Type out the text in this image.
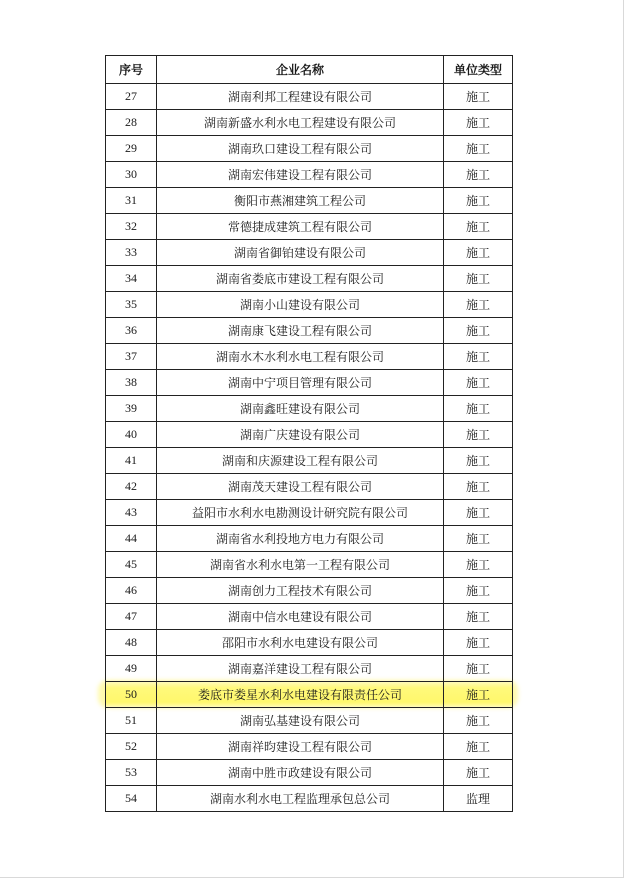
序号	企业名称	单位类型
27	湖南利邦工程建设有限公司	施工
28	湖南新盛水利水电工程建设有限公司	施工
29	湖南玖口建设工程有限公司	施工
30	湖南宏伟建设工程有限公司	施工
31	衡阳市燕湘建筑工程公司	施工
32	常德捷成建筑工程有限公司	施工
33	湖南省御铂建设有限公司	施工
34	湖南省娄底市建设工程有限公司	施工
35	湖南小山建设有限公司	施工
36	湖南康飞建设工程有限公司	施工
37	湖南水木水利水电工程有限公司	施工
38	湖南中宁项目管理有限公司	施工
39	湖南鑫旺建设有限公司	施工
40	湖南广庆建设有限公司	施工
41	湖南和庆源建设工程有限公司	施工
42	湖南茂天建设工程有限公司	施工
43	益阳市水利水电勘测设计研究院有限公司	施工
44	湖南省水利投地方电力有限公司	施工
45	湖南省水利水电第一工程有限公司	施工
46	湖南创力工程技术有限公司	施工
47	湖南中信水电建设有限公司	施工
48	邵阳市水利水电建设有限公司	施工
49	湖南嘉洋建设工程有限公司	施工
50	娄底市娄星水利水电建设有限责任公司	施工
51	湖南弘基建设有限公司	施工
52	湖南祥昀建设工程有限公司	施工
53	湖南中胜市政建设有限公司	施工
54	湖南水利水电工程监理承包总公司	监理
